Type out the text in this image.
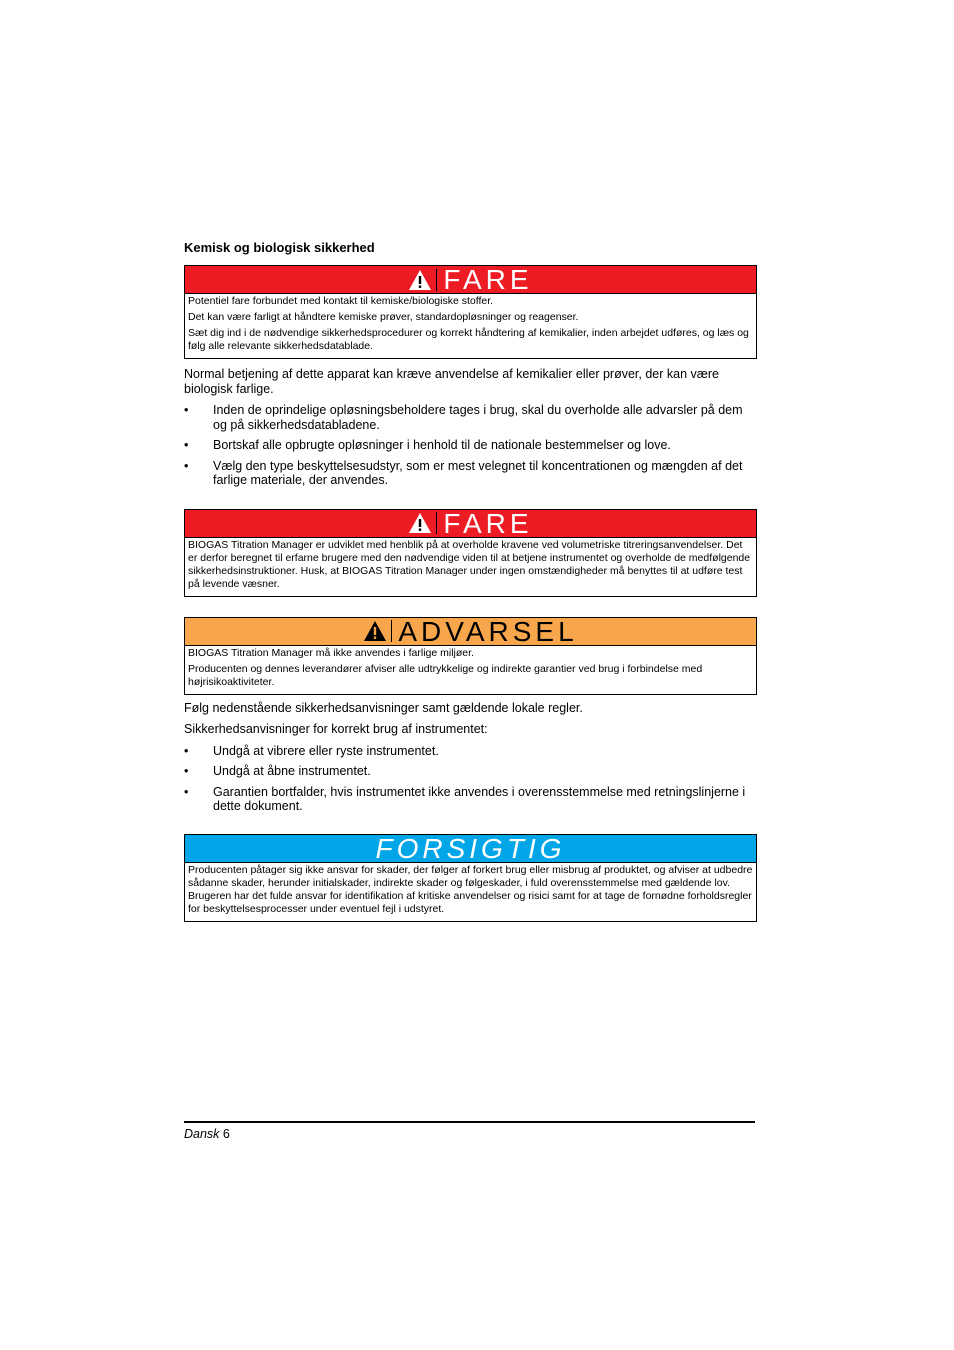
Kemisk og biologisk sikkerhed
FARE

Potentiel fare forbundet med kontakt til kemiske/biologiske stoffer.

Det kan være farligt at håndtere kemiske prøver, standardopløsninger og reagenser.

Sæt dig ind i de nødvendige sikkerhedsprocedurer og korrekt håndtering af kemikalier, inden arbejdet udføres, og læs og følg alle relevante sikkerhedsdatablade.

Normal betjening af dette apparat kan kræve anvendelse af kemikalier eller prøver, der kan være biologisk farlige.

• Inden de oprindelige opløsningsbeholdere tages i brug, skal du overholde alle advarsler på dem og på sikkerhedsdatabladene.
• Bortskaf alle opbrugte opløsninger i henhold til de nationale bestemmelser og love.
• Vælg den type beskyttelsesudstyr, som er mest velegnet til koncentrationen og mængden af det farlige materiale, der anvendes.
FARE

BIOGAS Titration Manager er udviklet med henblik på at overholde kravene ved volumetriske titreringsanvendelser. Det er derfor beregnet til erfarne brugere med den nødvendige viden til at betjene instrumentet og overholde de medfølgende sikkerhedsinstruktioner. Husk, at BIOGAS Titration Manager under ingen omstændigheder må benyttes til at udføre test på levende væsner.

ADVARSEL

BIOGAS Titration Manager må ikke anvendes i farlige miljøer.

Producenten og dennes leverandører afviser alle udtrykkelige og indirekte garantier ved brug i forbindelse med højrisikoaktiviteter.

Følg nedenstående sikkerhedsanvisninger samt gældende lokale regler.

Sikkerhedsanvisninger for korrekt brug af instrumentet:

• Undgå at vibrere eller ryste instrumentet.
• Undgå at åbne instrumentet.
• Garantien bortfalder, hvis instrumentet ikke anvendes i overensstemmelse med retningslinjerne i dette dokument.
FORSIGTIG

Producenten påtager sig ikke ansvar for skader, der følger af forkert brug eller misbrug af produktet, og afviser at udbedre sådanne skader, herunder initialskader, indirekte skader og følgeskader, i fuld overensstemmelse med gældende lov. Brugeren har det fulde ansvar for identifikation af kritiske anvendelser og risici samt for at tage de fornødne forholdsregler for beskyttelsesprocesser under eventuel fejl i udstyret.

Dansk 6
